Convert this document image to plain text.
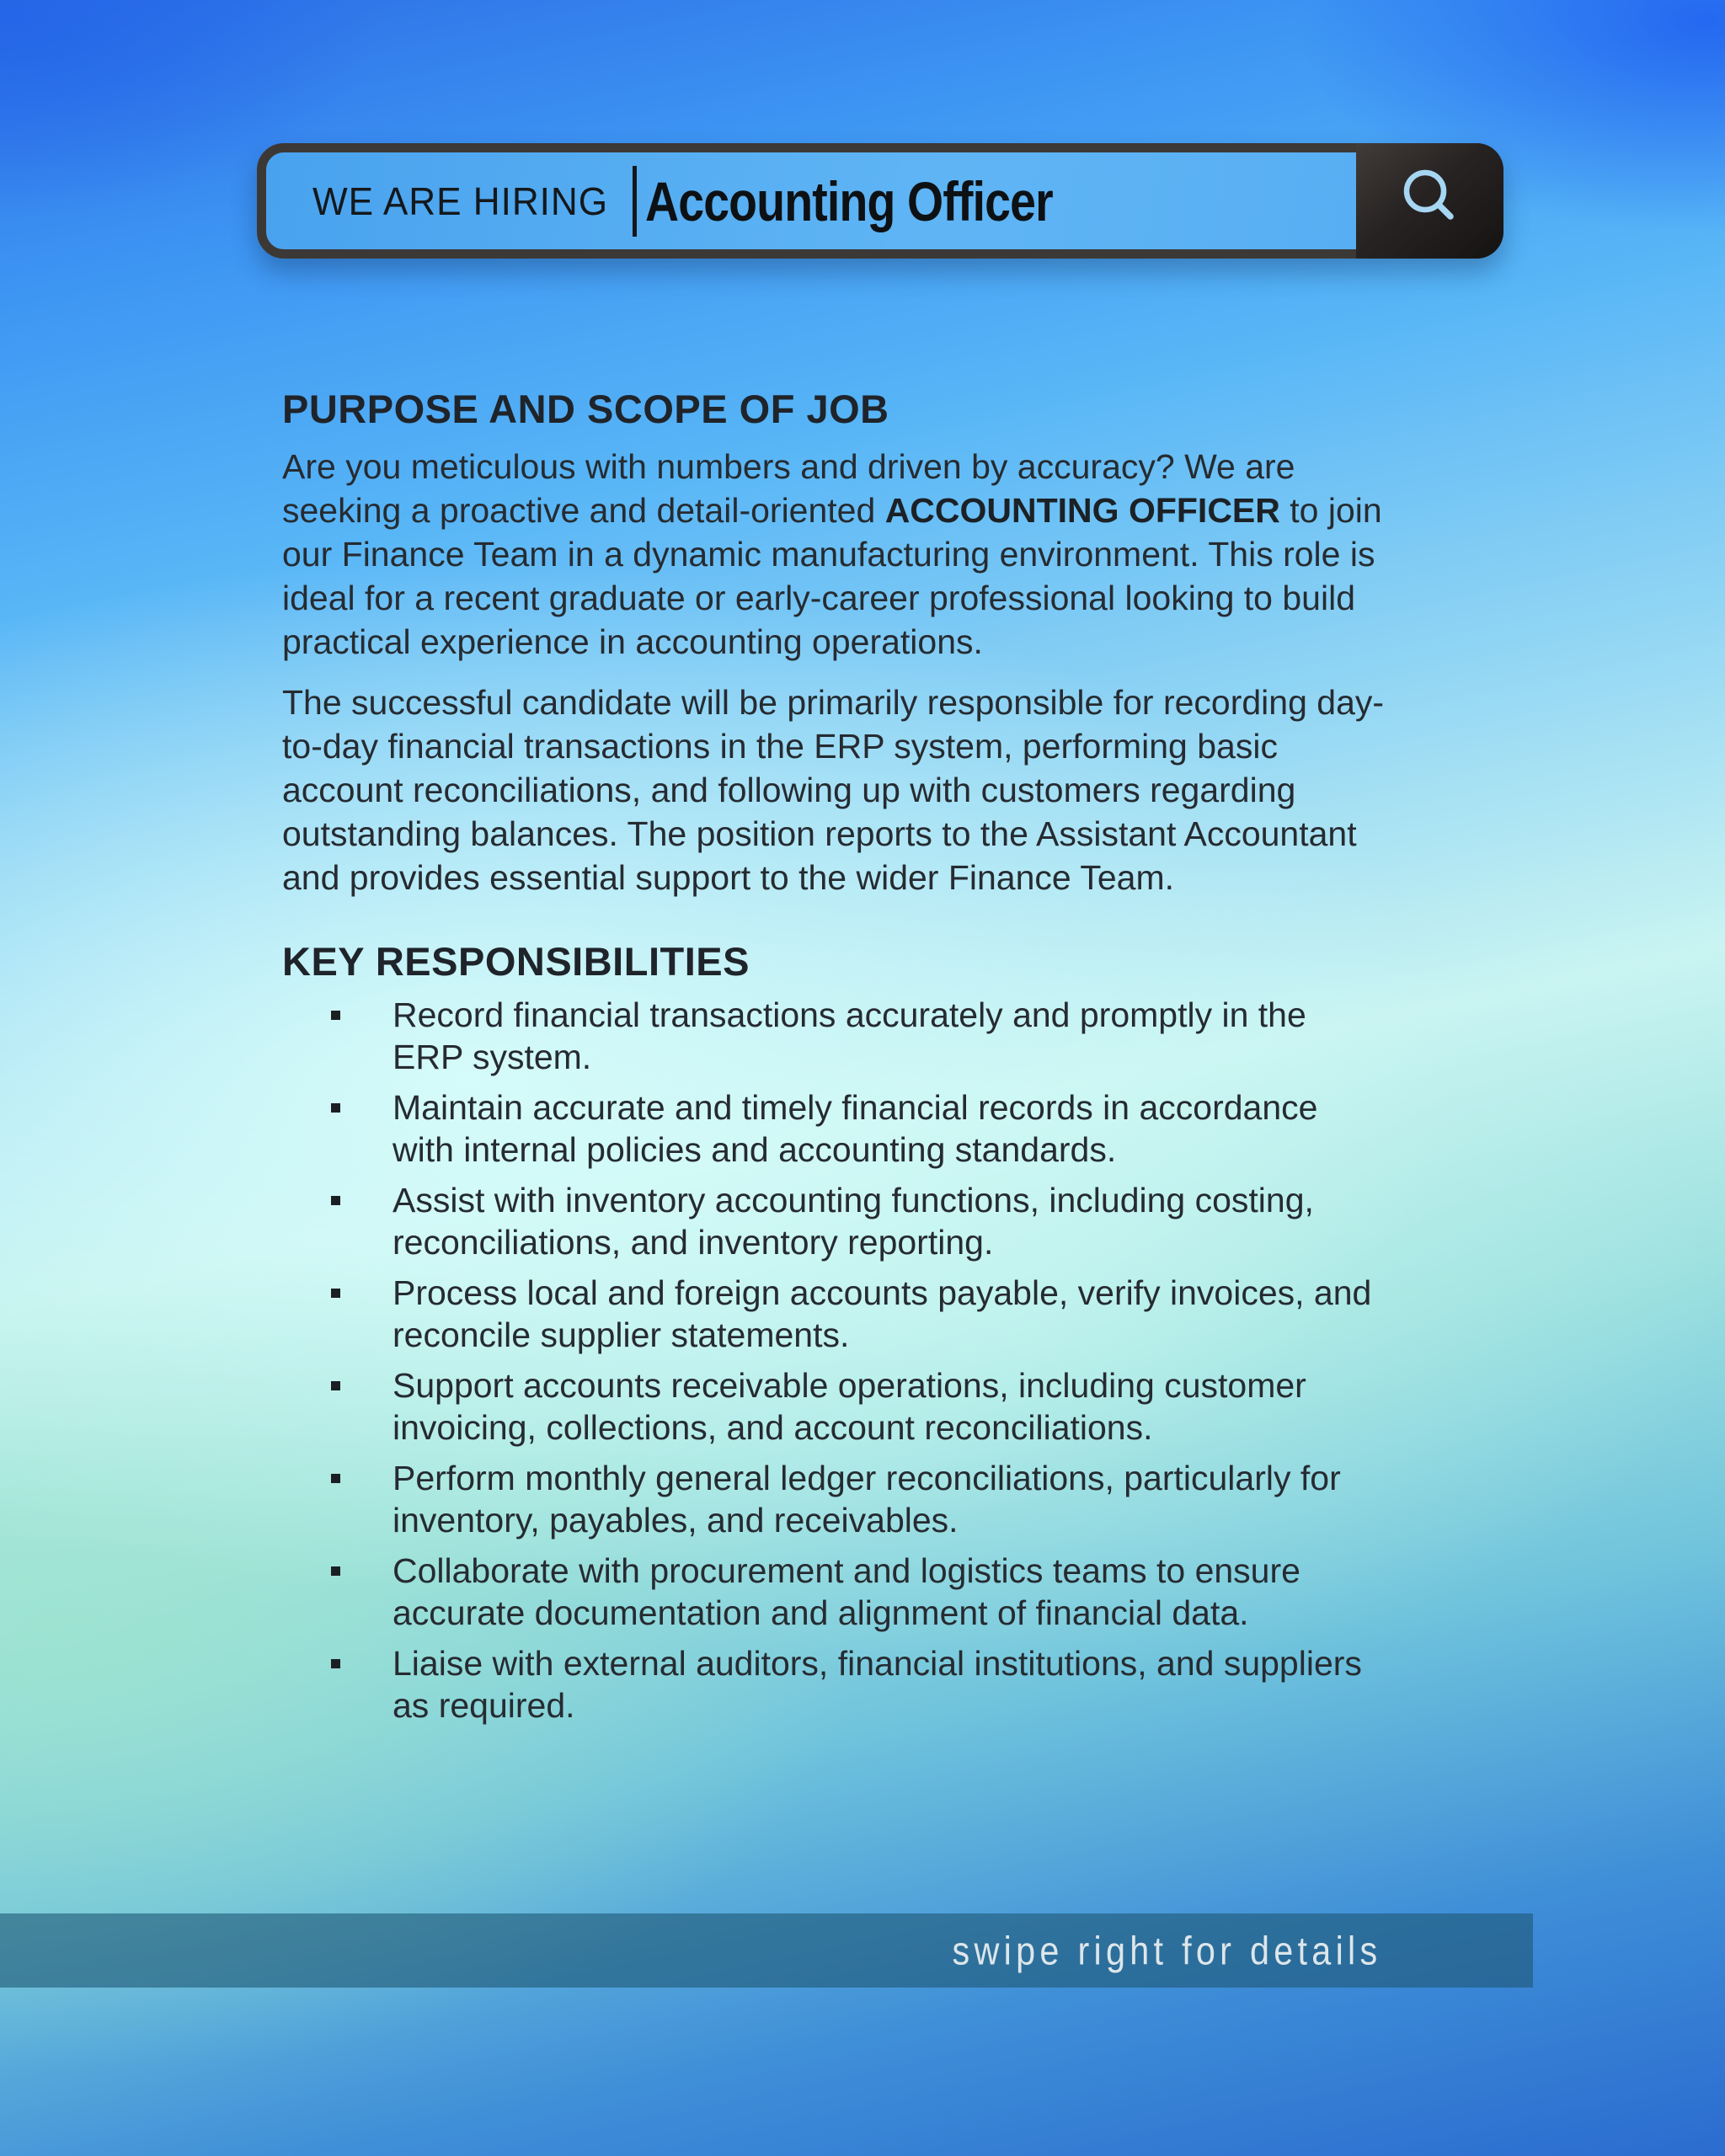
WE ARE HIRING Accounting Officer
PURPOSE AND SCOPE OF JOB

Are you meticulous with numbers and driven by accuracy? We are seeking a proactive and detail-oriented ACCOUNTING OFFICER to join our Finance Team in a dynamic manufacturing environment. This role is ideal for a recent graduate or early-career professional looking to build practical experience in accounting operations.

The successful candidate will be primarily responsible for recording day-to-day financial transactions in the ERP system, performing basic account reconciliations, and following up with customers regarding outstanding balances. The position reports to the Assistant Accountant and provides essential support to the wider Finance Team.

KEY RESPONSIBILITIES
Record financial transactions accurately and promptly in the ERP system.
Maintain accurate and timely financial records in accordance with internal policies and accounting standards.
Assist with inventory accounting functions, including costing, reconciliations, and inventory reporting.
Process local and foreign accounts payable, verify invoices, and reconcile supplier statements.
Support accounts receivable operations, including customer invoicing, collections, and account reconciliations.
Perform monthly general ledger reconciliations, particularly for inventory, payables, and receivables.
Collaborate with procurement and logistics teams to ensure accurate documentation and alignment of financial data.
Liaise with external auditors, financial institutions, and suppliers as required.
swipe right for details
